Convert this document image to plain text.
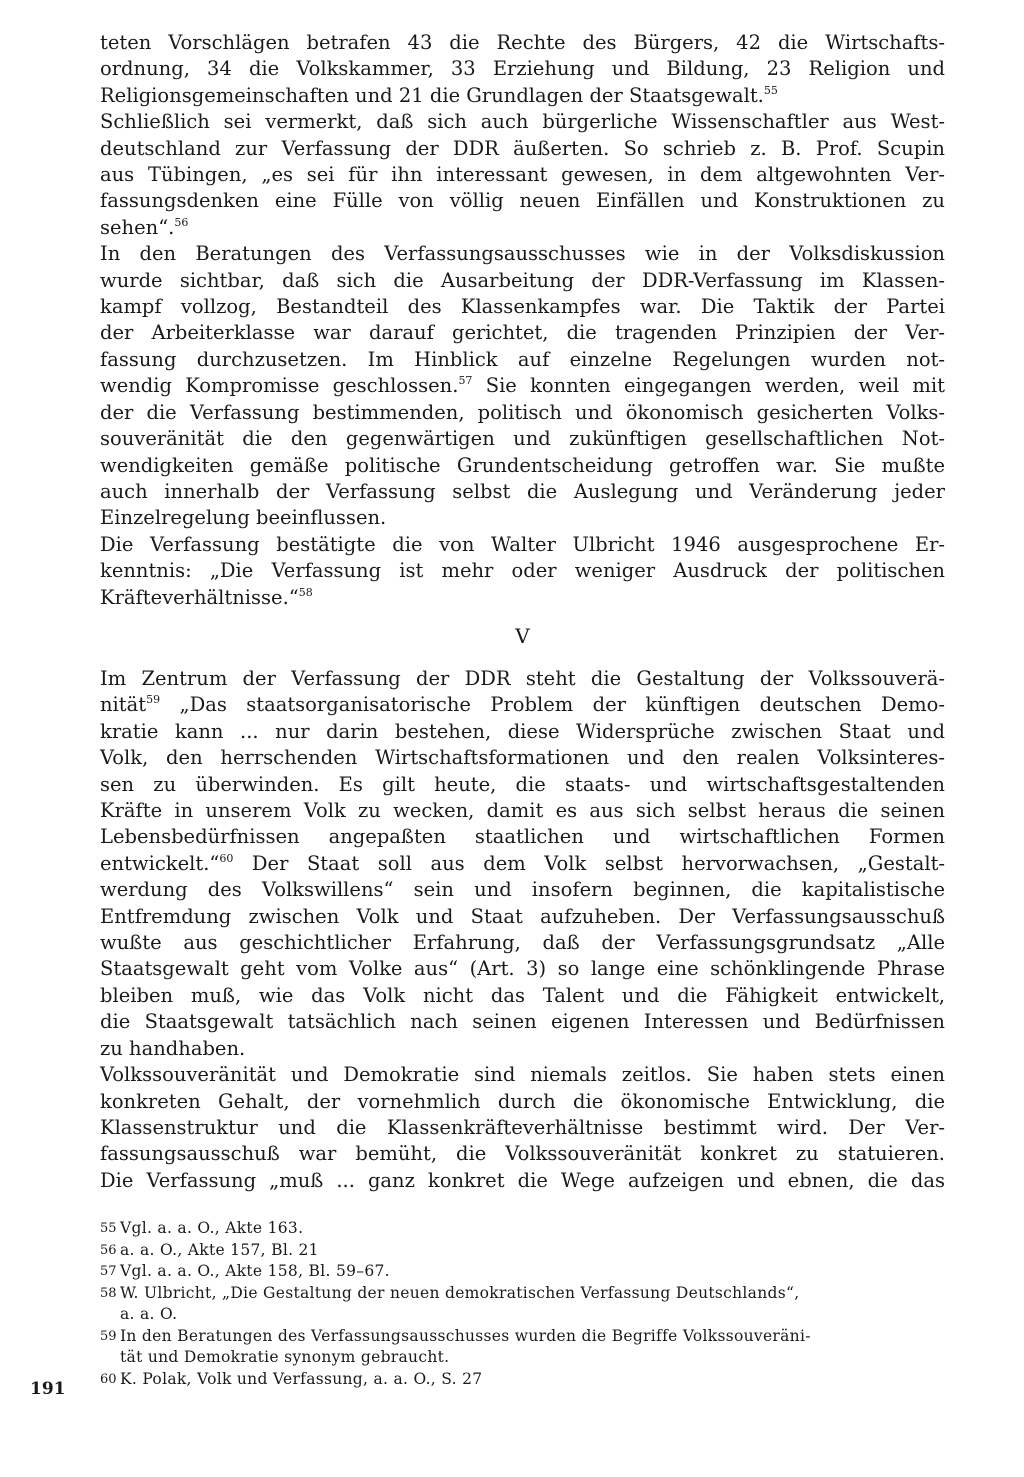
teten Vorschlägen betrafen 43 die Rechte des Bürgers, 42 die Wirtschafts-
ordnung, 34 die Volkskammer, 33 Erziehung und Bildung, 23 Religion und
Religionsgemeinschaften und 21 die Grundlagen der Staatsgewalt.$^{55}$

Schließlich sei vermerkt, daß sich auch bürgerliche Wissenschaftler aus West-
deutschland zur Verfassung der DDR äußerten. So schrieb z. B. Prof. Scupin
aus Tübingen, „es sei für ihn interessant gewesen, in dem altgewohnten Ver-
fassungsdenken eine Fülle von völlig neuen Einfällen und Konstruktionen zu
sehen“.$^{56}$

In den Beratungen des Verfassungsausschusses wie in der Volksdiskussion
wurde sichtbar, daß sich die Ausarbeitung der DDR-Verfassung im Klassen-
kampf vollzog, Bestandteil des Klassenkampfes war. Die Taktik der Partei
der Arbeiterklasse war darauf gerichtet, die tragenden Prinzipien der Ver-
fassung durchzusetzen. Im Hinblick auf einzelne Regelungen wurden not-
wendig Kompromisse geschlossen.$^{57}$ Sie konnten eingegangen werden, weil mit
der die Verfassung bestimmenden, politisch und ökonomisch gesicherten Volks-
souveränität die den gegenwärtigen und zukünftigen gesellschaftlichen Not-
wendigkeiten gemäße politische Grundentscheidung getroffen war. Sie mußte
auch innerhalb der Verfassung selbst die Auslegung und Veränderung jeder
Einzelregelung beeinflussen.

Die Verfassung bestätigte die von Walter Ulbricht 1946 ausgesprochene Er-
kenntnis: „Die Verfassung ist mehr oder weniger Ausdruck der politischen
Kräfteverhältnisse.“$^{58}$

V

Im Zentrum der Verfassung der DDR steht die Gestaltung der Volkssouverä-
nität$^{59}$ „Das staatsorganisatorische Problem der künftigen deutschen Demo-
kratie kann ... nur darin bestehen, diese Widersprüche zwischen Staat und
Volk, den herrschenden Wirtschaftsformationen und den realen Volksinteres-
sen zu überwinden. Es gilt heute, die staats- und wirtschaftsgestaltenden
Kräfte in unserem Volk zu wecken, damit es aus sich selbst heraus die seinen
Lebensbedürfnissen angepaßten staatlichen und wirtschaftlichen Formen
entwickelt.“$^{60}$ Der Staat soll aus dem Volk selbst hervorwachsen, „Gestalt-
werdung des Volkswillens“ sein und insofern beginnen, die kapitalistische
Entfremdung zwischen Volk und Staat aufzuheben. Der Verfassungsausschuß
wußte aus geschichtlicher Erfahrung, daß der Verfassungsgrundsatz „Alle
Staatsgewalt geht vom Volke aus“ (Art. 3) so lange eine schönklingende Phrase
bleiben muß, wie das Volk nicht das Talent und die Fähigkeit entwickelt,
die Staatsgewalt tatsächlich nach seinen eigenen Interessen und Bedürfnissen
zu handhaben.

Volkssouveränität und Demokratie sind niemals zeitlos. Sie haben stets einen
konkreten Gehalt, der vornehmlich durch die ökonomische Entwicklung, die
Klassenstruktur und die Klassenkräfteverhältnisse bestimmt wird. Der Ver-
fassungsausschuß war bemüht, die Volkssouveränität konkret zu statuieren.
Die Verfassung „muß ... ganz konkret die Wege aufzeigen und ebnen, die das

55 Vgl. a. a. O., Akte 163.
56 a. a. O., Akte 157, Bl. 21
57 Vgl. a. a. O., Akte 158, Bl. 59–67.
58 W. Ulbricht, „Die Gestaltung der neuen demokratischen Verfassung Deutschlands“,
a. a. O.
59 In den Beratungen des Verfassungsausschusses wurden die Begriffe Volkssouveräni-
tät und Demokratie synonym gebraucht.
60 K. Polak, Volk und Verfassung, a. a. O., S. 27
191
